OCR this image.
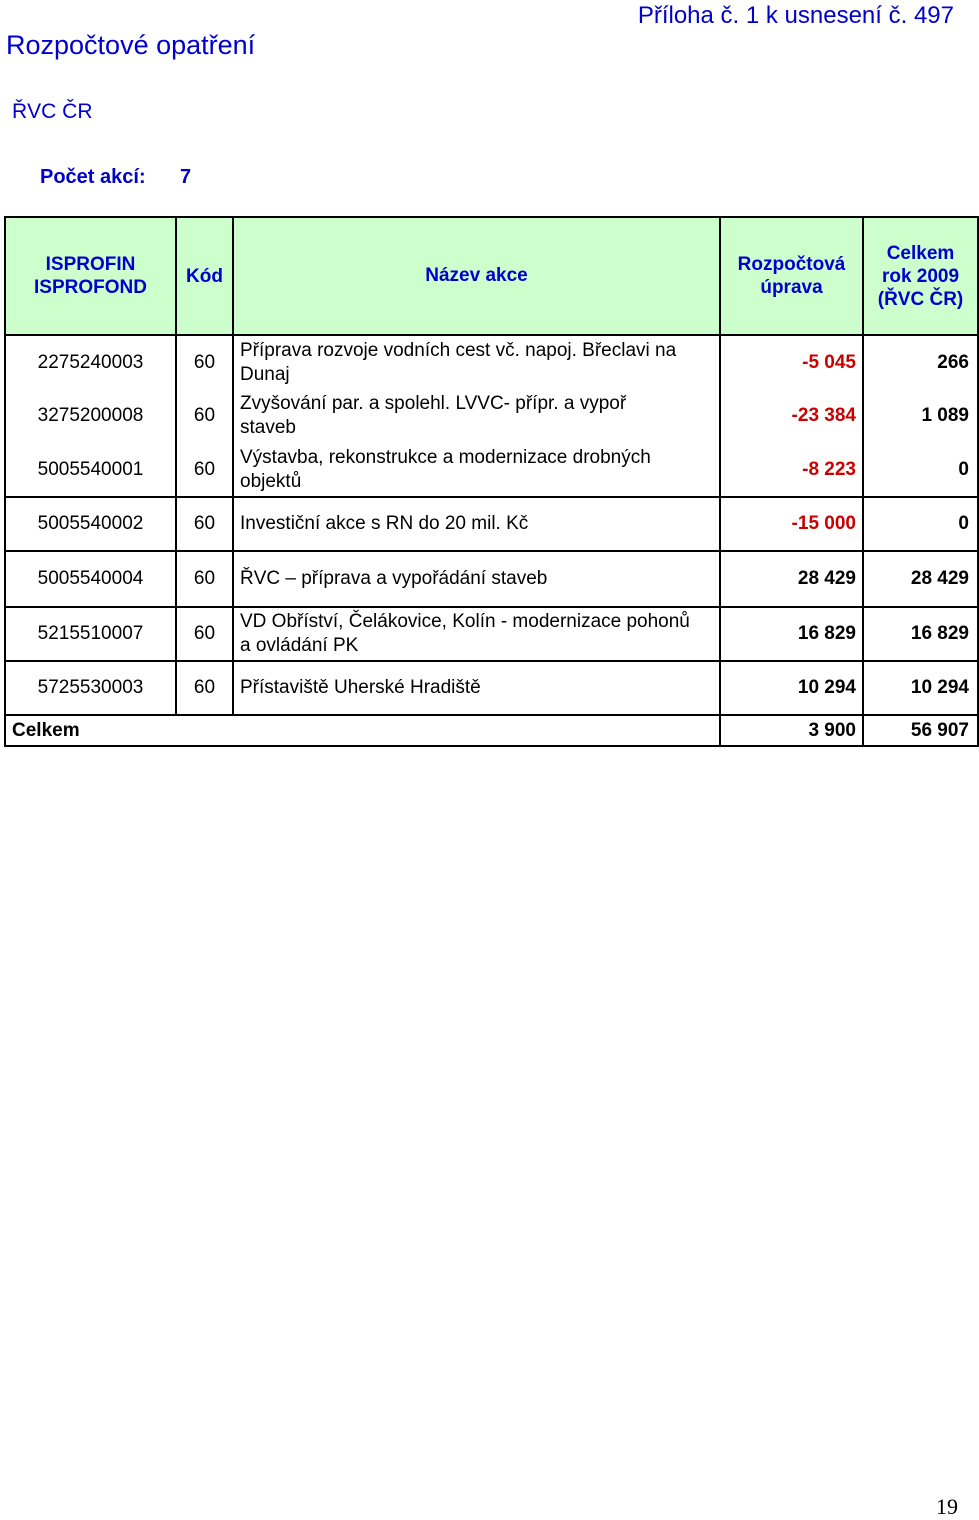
Rozpočtové opatření
Příloha č. 1 k usnesení č. 497
ŘVC ČR
Počet akcí: 7
ISPROFIN ISPROFOND	Kód	Název akce	Rozpočtová úprava	Celkem
rok 2009
(ŘVC ČR)
2275240003	60	Příprava rozvoje vodních cest vč. napoj. Břeclavi na Dunaj	-5 045	266
3275200008	60	Zvyšování par. a spolehl. LVVC- přípr. a vypoř staveb	-23 384	1 089
5005540001	60	Výstavba, rekonstrukce a modernizace drobných objektů	-8 223	0
5005540002	60	Investiční akce s RN do 20 mil. Kč	-15 000	0
5005540004	60	ŘVC – příprava a vypořádání staveb	28 429	28 429
5215510007	60	VD Obříství, Čelákovice, Kolín - modernizace pohonů a ovládání PK	16 829	16 829
5725530003	60	Přístaviště Uherské Hradiště	10 294	10 294
Celkem			3 900	56 907
19
